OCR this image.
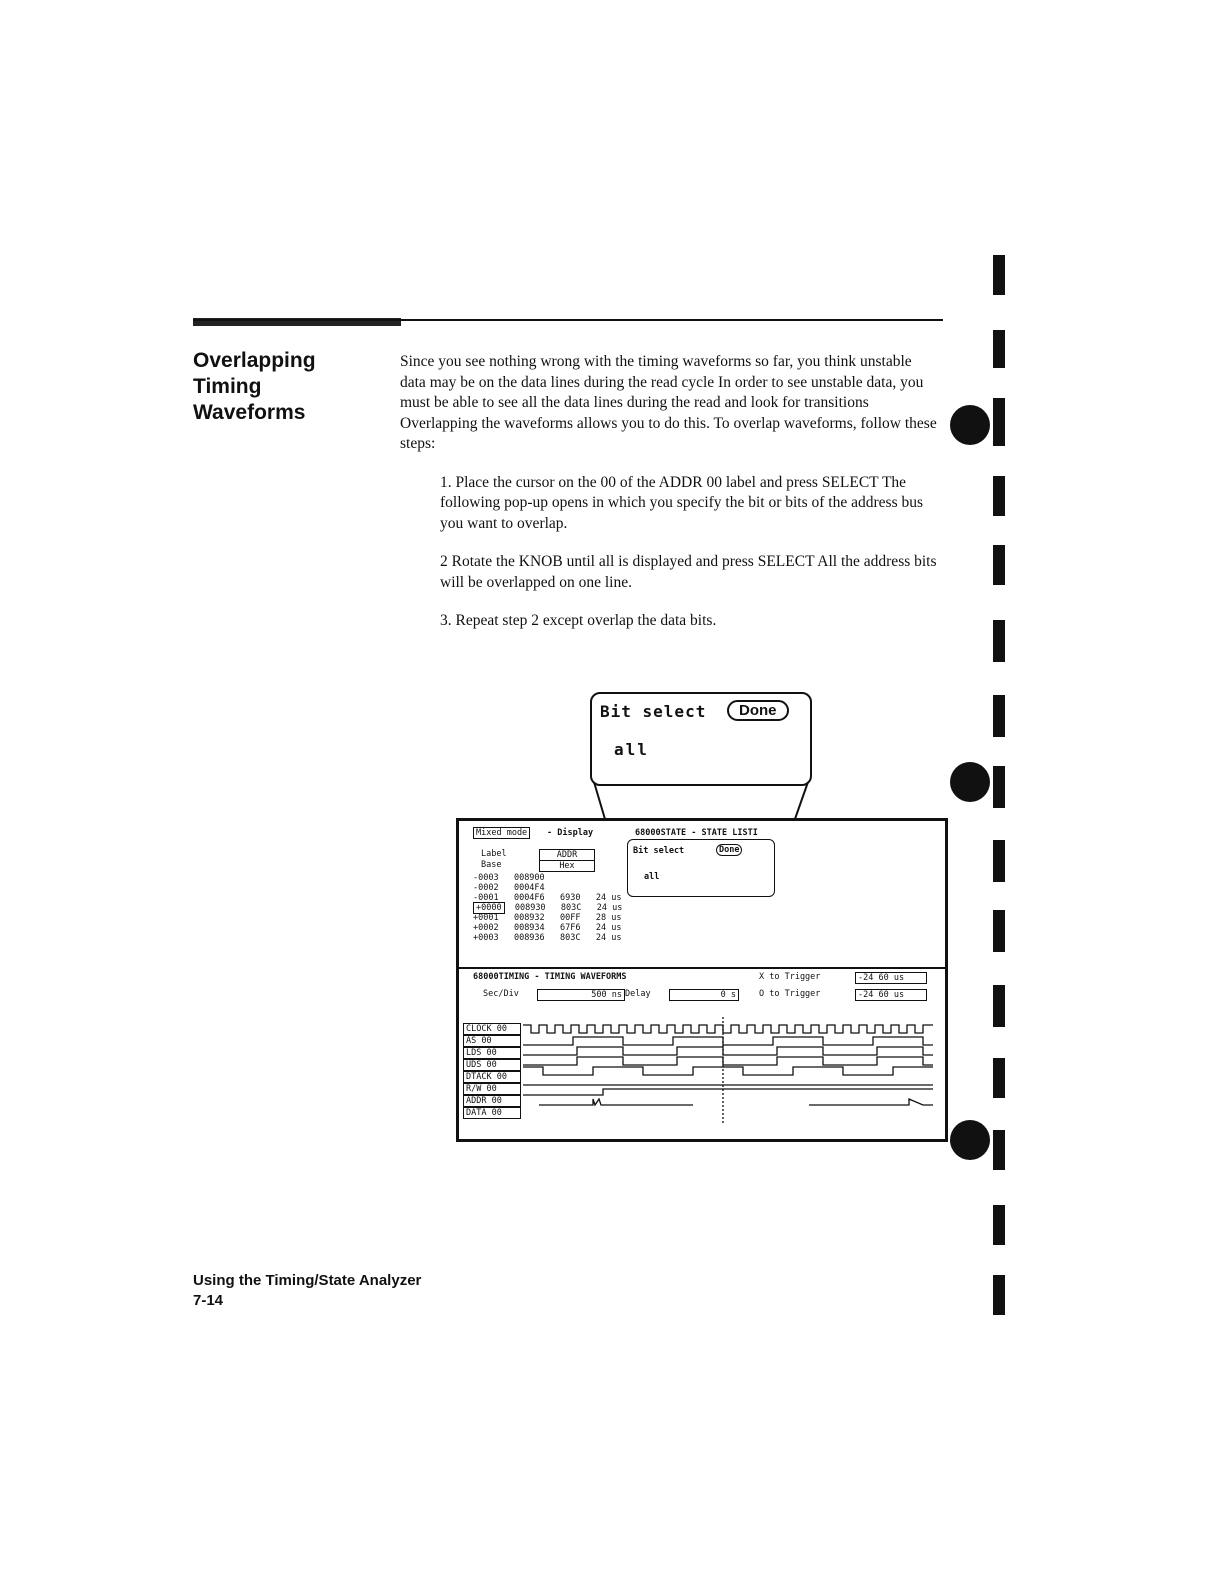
Overlapping
Timing
Waveforms

Since you see nothing wrong with the timing waveforms so far, you think unstable data may be on the data lines during the read cycle In order to see unstable data, you must be able to see all the data lines during the read and look for transitions Overlapping the waveforms allows you to do this. To overlap waveforms, follow these steps:

1. Place the cursor on the 00 of the ADDR 00 label and press SELECT The following pop-up opens in which you specify the bit or bits of the address bus you want to overlap.
2 Rotate the KNOB until all is displayed and press SELECT All the address bits will be overlapped on one line.
3. Repeat step 2 except overlap the data bits.
Bit select	Done
all
Mixed mode	- Display	68000STATE - STATE LISTI
Bit select	Done
all
Label	ADDR
Base	Hex
-0003 008900
-0002 0004F4
-0001 0004F6 6930 24 us
+0000 008930 803C 24 us
+0001 008932 00FF 28 us
+0002 008934 67F6 24 us
+0003 008936 803C 24 us
68000TIMING - TIMING WAVEFORMS	X to Trigger	-24 60 us
Sec/Div	500 ns Delay	0 s	O to Trigger	-24 60 us
CLOCK 00
AS 00
LDS 00
UDS 00
DTACK 00
R/W 00
ADDR 00
DATA 00
Using the Timing/State Analyzer
7-14
